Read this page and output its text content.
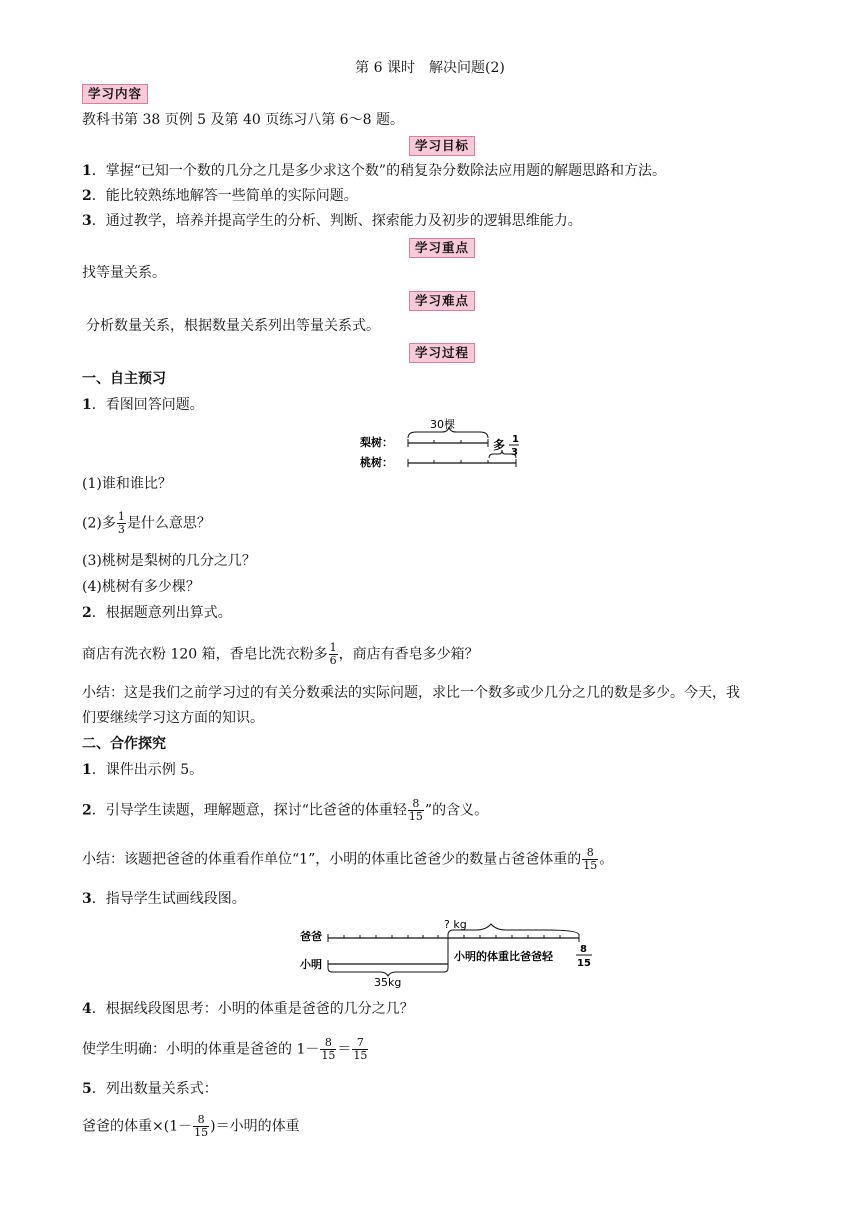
第 6 课时　解决问题(2)
学习内容
教科书第 38 页例 5 及第 40 页练习八第 6～8 题。
学习目标
1．掌握“已知一个数的几分之几是多少求这个数”的稍复杂分数除法应用题的解题思路和方法。
2．能比较熟练地解答一些简单的实际问题。
3．通过教学，培养并提高学生的分析、判断、探索能力及初步的逻辑思维能力。
学习重点
找等量关系。
学习难点
分析数量关系，根据数量关系列出等量关系式。
学习过程
一、自主预习
1．看图回答问题。
30棵
梨树：	多 1
3
桃树：
(1)谁和谁比？
(2)多 $\frac{1}{3}$ 是什么意思？
(3)桃树是梨树的几分之几？
(4)桃树有多少棵？
2．根据题意列出算式。
商店有洗衣粉 120 箱，香皂比洗衣粉多 $\frac{1}{6}$ ，商店有香皂多少箱？
小结：这是我们之前学习过的有关分数乘法的实际问题，求比一个数多或少几分之几的数是多少。今天，我
们要继续学习这方面的知识。
二、合作探究
1．课件出示例 5。
2．引导学生读题，理解题意，探讨“比爸爸的体重轻 $\frac{8}{15}$ ”的含义。
小结：该题把爸爸的体重看作单位“1”，小明的体重比爸爸少的数量占爸爸体重的 $\frac{8}{15}$ 。
3．指导学生试画线段图。
? kg
爸爸
小明
35kg
小明的体重比爸爸轻
8
15
4．根据线段图思考：小明的体重是爸爸的几分之几？
使学生明确：小明的体重是爸爸的 $1- \frac{8}{15} = \frac{7}{15}$
5．列出数量关系式：
爸爸的体重$\times(1- \frac{8}{15}$ )＝小明的体重
